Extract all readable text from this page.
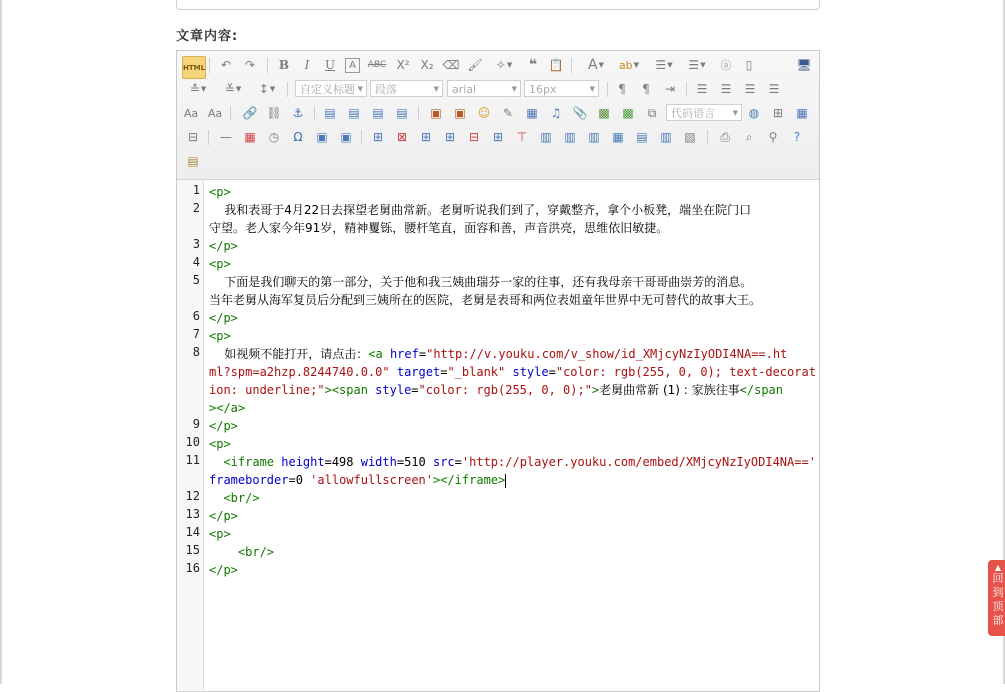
文章内容:
HTML ↶ ↷ B	I	U	A	ABC X² X₂ ⌫ 🖌	✧ ▼ ❝ 📋	A ▼	ab ▼	☰ ▼	☰ ▼ ⓐ	▯	🖥
≛ ▼	≚ ▼	↕ ▼	自定义标题 ▼	段落	▼	arial	▼	16px	▼	¶	¶	⇥ ☰ ☰ ☰ ☰
Aa Aa 🔗 ⛓ ⚓ ▤ ▤ ▤ ▤ ▣ ▣ ☺ ✎ ▦ ♫ 📎 ▩ ▩	⧉	代码语言	▼ ◍ ⊞ ▦
⊟ — ▦ ◷ Ω ▣ ▣ ⊞ ⊠ ⊞ ⊞ ⊟ ⊞ ⊤ ▥ ▥ ▥ ▦ ▤ ▥ ▧ ⎙	⌕	⚲	?
▤
1
2
3
4
5
6
7
8
9
10
11
12
13
14
15
16
<p>
我和表哥于4月22日去探望老舅曲常新。老舅听说我们到了，穿戴整齐，拿个小板凳，端坐在院门口
守望。老人家今年91岁，精神矍铄，腰杆笔直，面容和善，声音洪亮，思维依旧敏捷。
</p>
<p>
下面是我们聊天的第一部分，关于他和我三姨曲瑞芬一家的往事，还有我母亲干哥哥曲崇芳的消息。
当年老舅从海军复员后分配到三姨所在的医院，老舅是表哥和两位表姐童年世界中无可替代的故事大王。
</p>
<p>
如视频不能打开，请点击：<a href="http://v.youku.com/v_show/id_XMjcyNzIyODI4NA==.ht
ml?spm=a2hzp.8244740.0.0" target="_blank" style="color: rgb(255, 0, 0); text-decorat
ion: underline;"><span style="color: rgb(255, 0, 0);">老舅曲常新 (1) : 家族往事</span
></a>
</p>
<p>
<iframe height=498 width=510 src='http://player.youku.com/embed/XMjcyNzIyODI4NA=='
frameborder=0 'allowfullscreen'></iframe>
<br/>
</p>
<p>
<br/>
</p>	▲
回
到
顶
部
